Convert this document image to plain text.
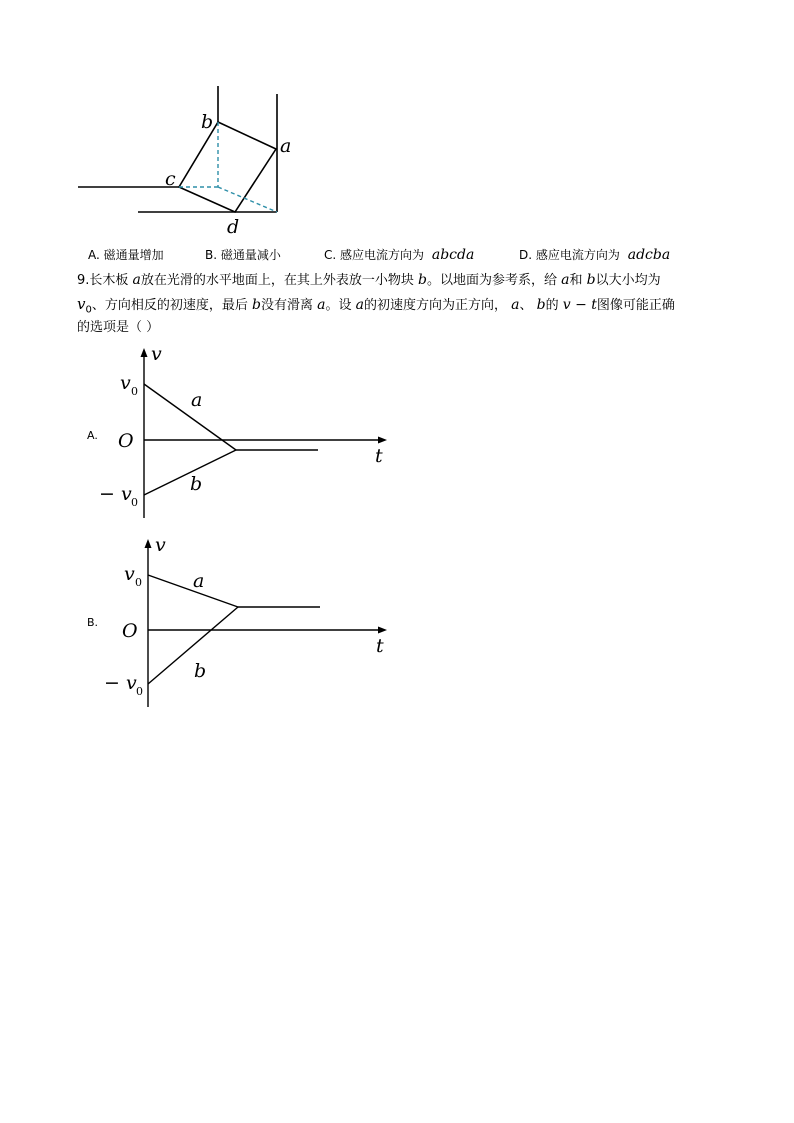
b
a
c
d
A. 磁通量增加	B. 磁通量减小	C. 感应电流方向为 abcda	D. 感应电流方向为 adcba
9.长木板 a放在光滑的水平地面上，在其上外表放一小物块 b。以地面为参考系，给 a和 b以大小均为
$v_0$、方向相反的初速度，最后 b没有滑离 a。设 a的初速度方向为正方向， a、 b的 v − t图像可能正确
的选项是（ ）
A.
v
t
O
v 0
− v 0
a
b
B.
v
t
O
v 0
− v 0
a
b
